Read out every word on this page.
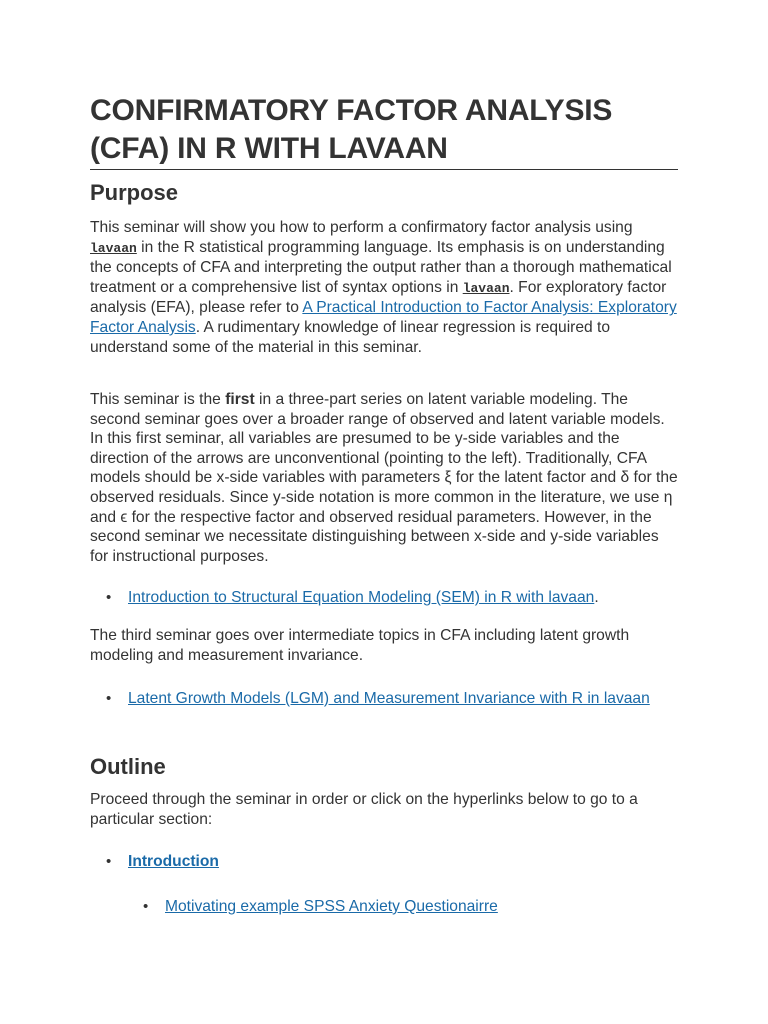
CONFIRMATORY FACTOR ANALYSIS (CFA) IN R WITH LAVAAN
Purpose

This seminar will show you how to perform a confirmatory factor analysis using lavaan in the R statistical programming language. Its emphasis is on understanding the concepts of CFA and interpreting the output rather than a thorough mathematical treatment or a comprehensive list of syntax options in lavaan. For exploratory factor analysis (EFA), please refer to A Practical Introduction to Factor Analysis: Exploratory Factor Analysis. A rudimentary knowledge of linear regression is required to understand some of the material in this seminar.

This seminar is the first in a three-part series on latent variable modeling. The second seminar goes over a broader range of observed and latent variable models. In this first seminar, all variables are presumed to be y-side variables and the direction of the arrows are unconventional (pointing to the left). Traditionally, CFA models should be x-side variables with parameters ξ for the latent factor and δ for the observed residuals. Since y-side notation is more common in the literature, we use η and ϵ for the respective factor and observed residual parameters. However, in the second seminar we necessitate distinguishing between x-side and y-side variables for instructional purposes.

• Introduction to Structural Equation Modeling (SEM) in R with lavaan.

The third seminar goes over intermediate topics in CFA including latent growth modeling and measurement invariance.

• Latent Growth Models (LGM) and Measurement Invariance with R in lavaan
Outline

Proceed through the seminar in order or click on the hyperlinks below to go to a particular section:

• Introduction
• Motivating example SPSS Anxiety Questionairre
